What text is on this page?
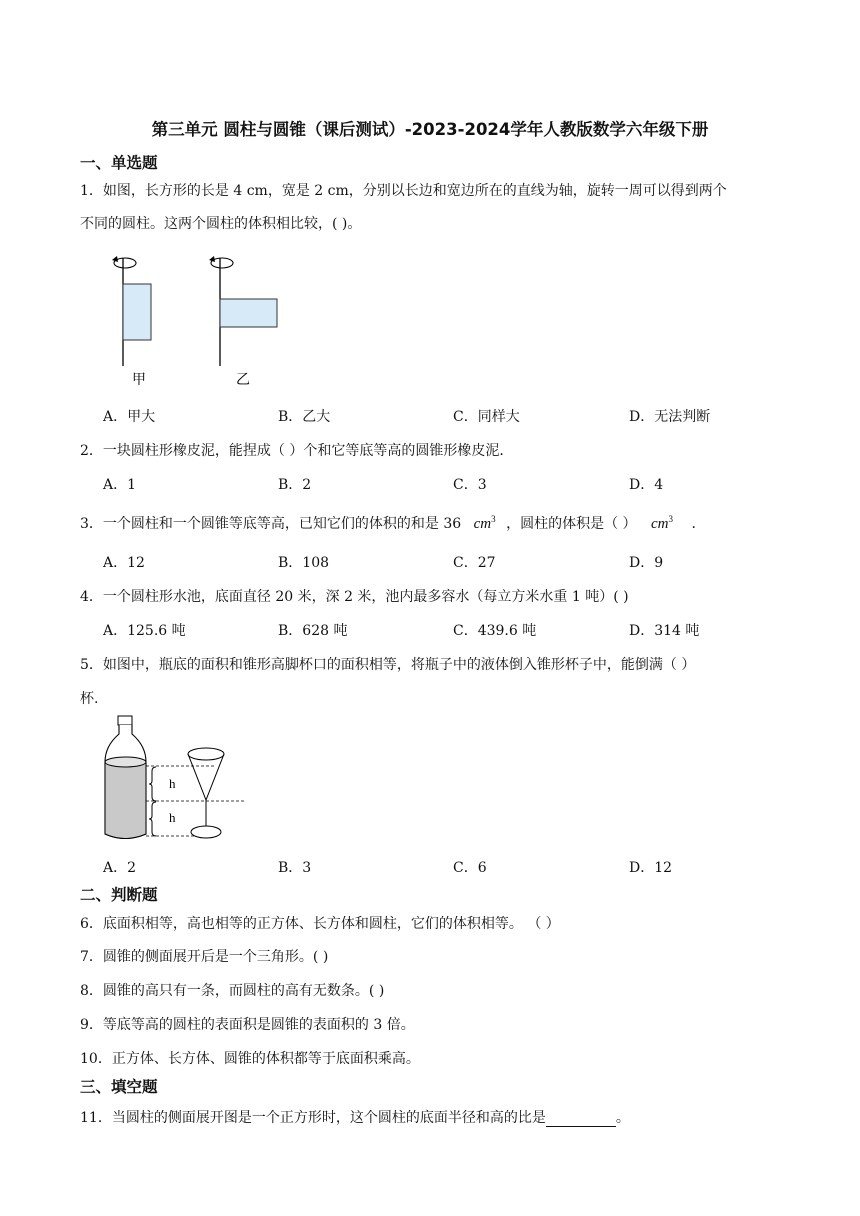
第三单元 圆柱与圆锥（课后测试）-2023-2024学年人教版数学六年级下册
一、单选题
1．如图，长方形的长是 4 cm，宽是 2 cm，分别以长边和宽边所在的直线为轴，旋转一周可以得到两个
不同的圆柱。这两个圆柱的体积相比较，( )。
甲	乙
A．甲大	B．乙大	C．同样大	D．无法判断
2．一块圆柱形橡皮泥，能捏成（ ）个和它等底等高的圆锥形橡皮泥．
A．1	B．2	C．3	D．4
3．一个圆柱和一个圆锥等底等高，已知它们的体积的和是 36 $cm^3$ ，圆柱的体积是（ ） $cm^3$ .
A．12	B．108	C．27	D．9
4．一个圆柱形水池，底面直径 20 米，深 2 米，池内最多容水（每立方米水重 1 吨）( )
A．125.6 吨	B．628 吨	C．439.6 吨	D．314 吨
5．如图中，瓶底的面积和锥形高脚杯口的面积相等，将瓶子中的液体倒入锥形杯子中，能倒满（ ）
杯.
h
h
A．2	B．3	C．6	D．12
二、判断题
6．底面积相等，高也相等的正方体、长方体和圆柱，它们的体积相等。 （ ）
7．圆锥的侧面展开后是一个三角形。( )
8．圆锥的高只有一条，而圆柱的高有无数条。( )
9．等底等高的圆柱的表面积是圆锥的表面积的 3 倍。
10．正方体、长方体、圆锥的体积都等于底面积乘高。
三、填空题
11．当圆柱的侧面展开图是一个正方形时，这个圆柱的底面半径和高的比是	。
